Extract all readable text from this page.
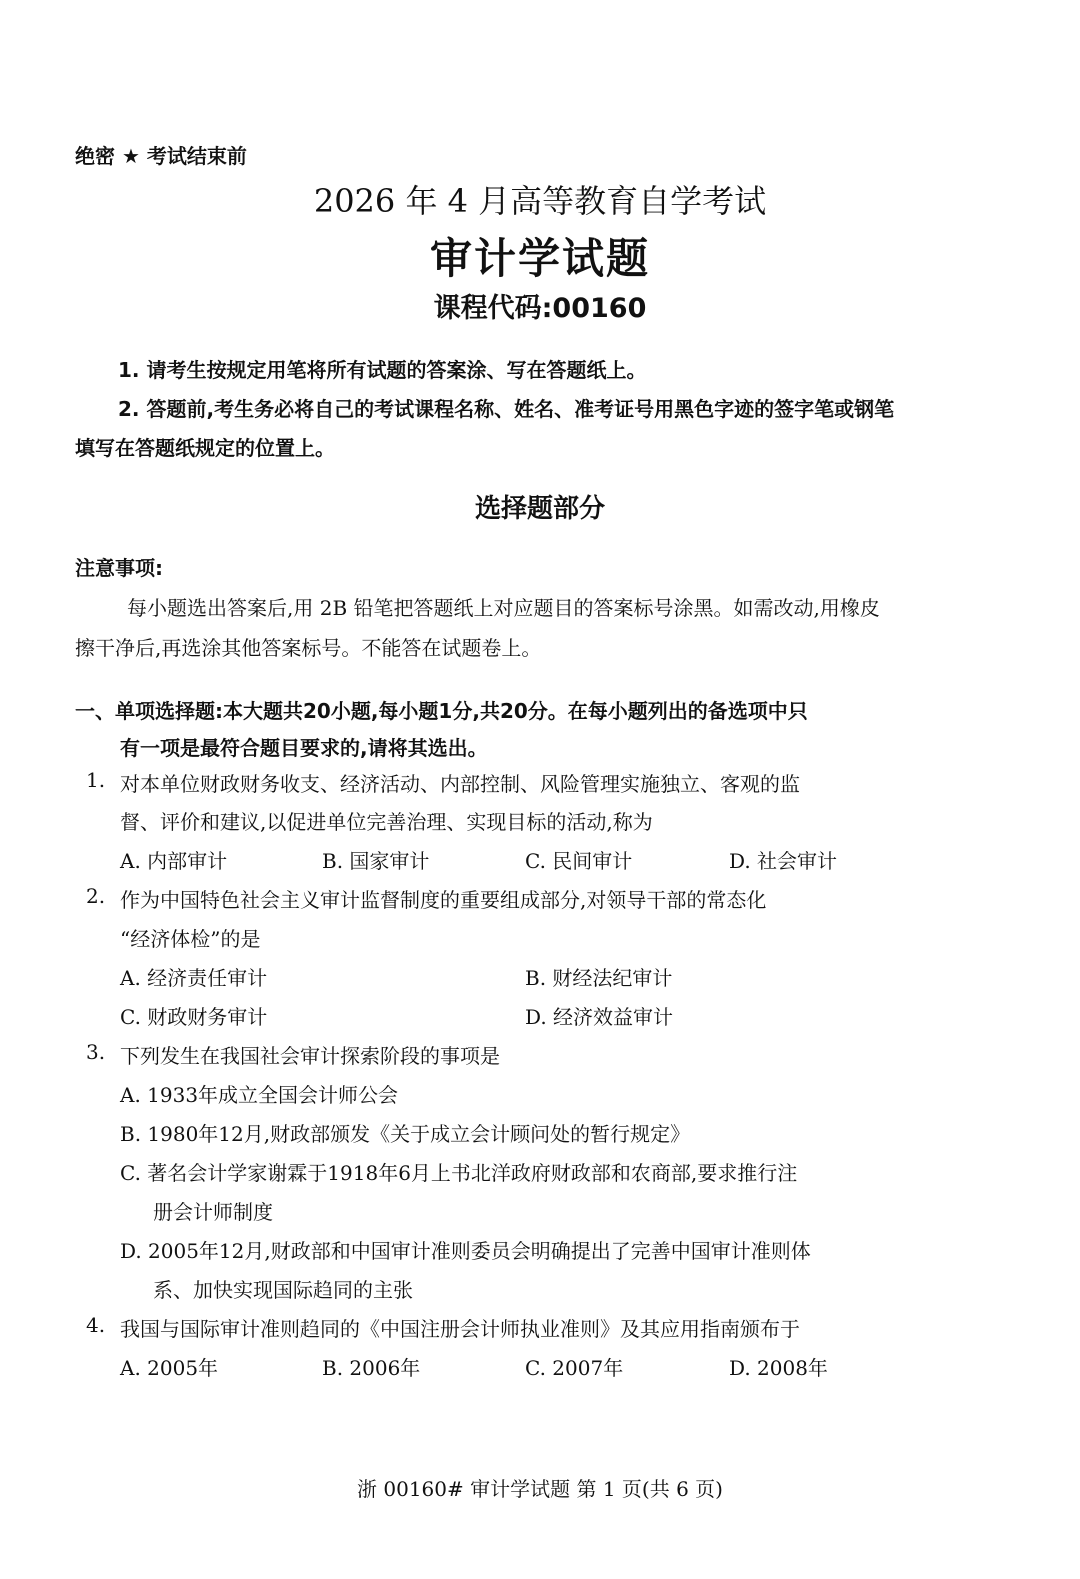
绝密 ★ 考试结束前
2026 年 4 月高等教育自学考试
审计学试题
课程代码:00160
1. 请考生按规定用笔将所有试题的答案涂、写在答题纸上。
2. 答题前,考生务必将自己的考试课程名称、姓名、准考证号用黑色字迹的签字笔或钢笔
填写在答题纸规定的位置上。
选择题部分
注意事项:
每小题选出答案后,用 2B 铅笔把答题纸上对应题目的答案标号涂黑。如需改动,用橡皮
擦干净后,再选涂其他答案标号。不能答在试题卷上。
一、单项选择题:本大题共20小题,每小题1分,共20分。在每小题列出的备选项中只
有一项是最符合题目要求的,请将其选出。
1. 对本单位财政财务收支、经济活动、内部控制、风险管理实施独立、客观的监
督、评价和建议,以促进单位完善治理、实现目标的活动,称为
A. 内部审计	B. 国家审计	C. 民间审计	D. 社会审计
2. 作为中国特色社会主义审计监督制度的重要组成部分,对领导干部的常态化
“经济体检”的是
A. 经济责任审计	B. 财经法纪审计
C. 财政财务审计	D. 经济效益审计
3. 下列发生在我国社会审计探索阶段的事项是
A. 1933年成立全国会计师公会
B. 1980年12月,财政部颁发《关于成立会计顾问处的暂行规定》
C. 著名会计学家谢霖于1918年6月上书北洋政府财政部和农商部,要求推行注
册会计师制度
D. 2005年12月,财政部和中国审计准则委员会明确提出了完善中国审计准则体
系、加快实现国际趋同的主张
4. 我国与国际审计准则趋同的《中国注册会计师执业准则》及其应用指南颁布于
A. 2005年	B. 2006年	C. 2007年	D. 2008年
浙 00160# 审计学试题 第 1 页(共 6 页)
